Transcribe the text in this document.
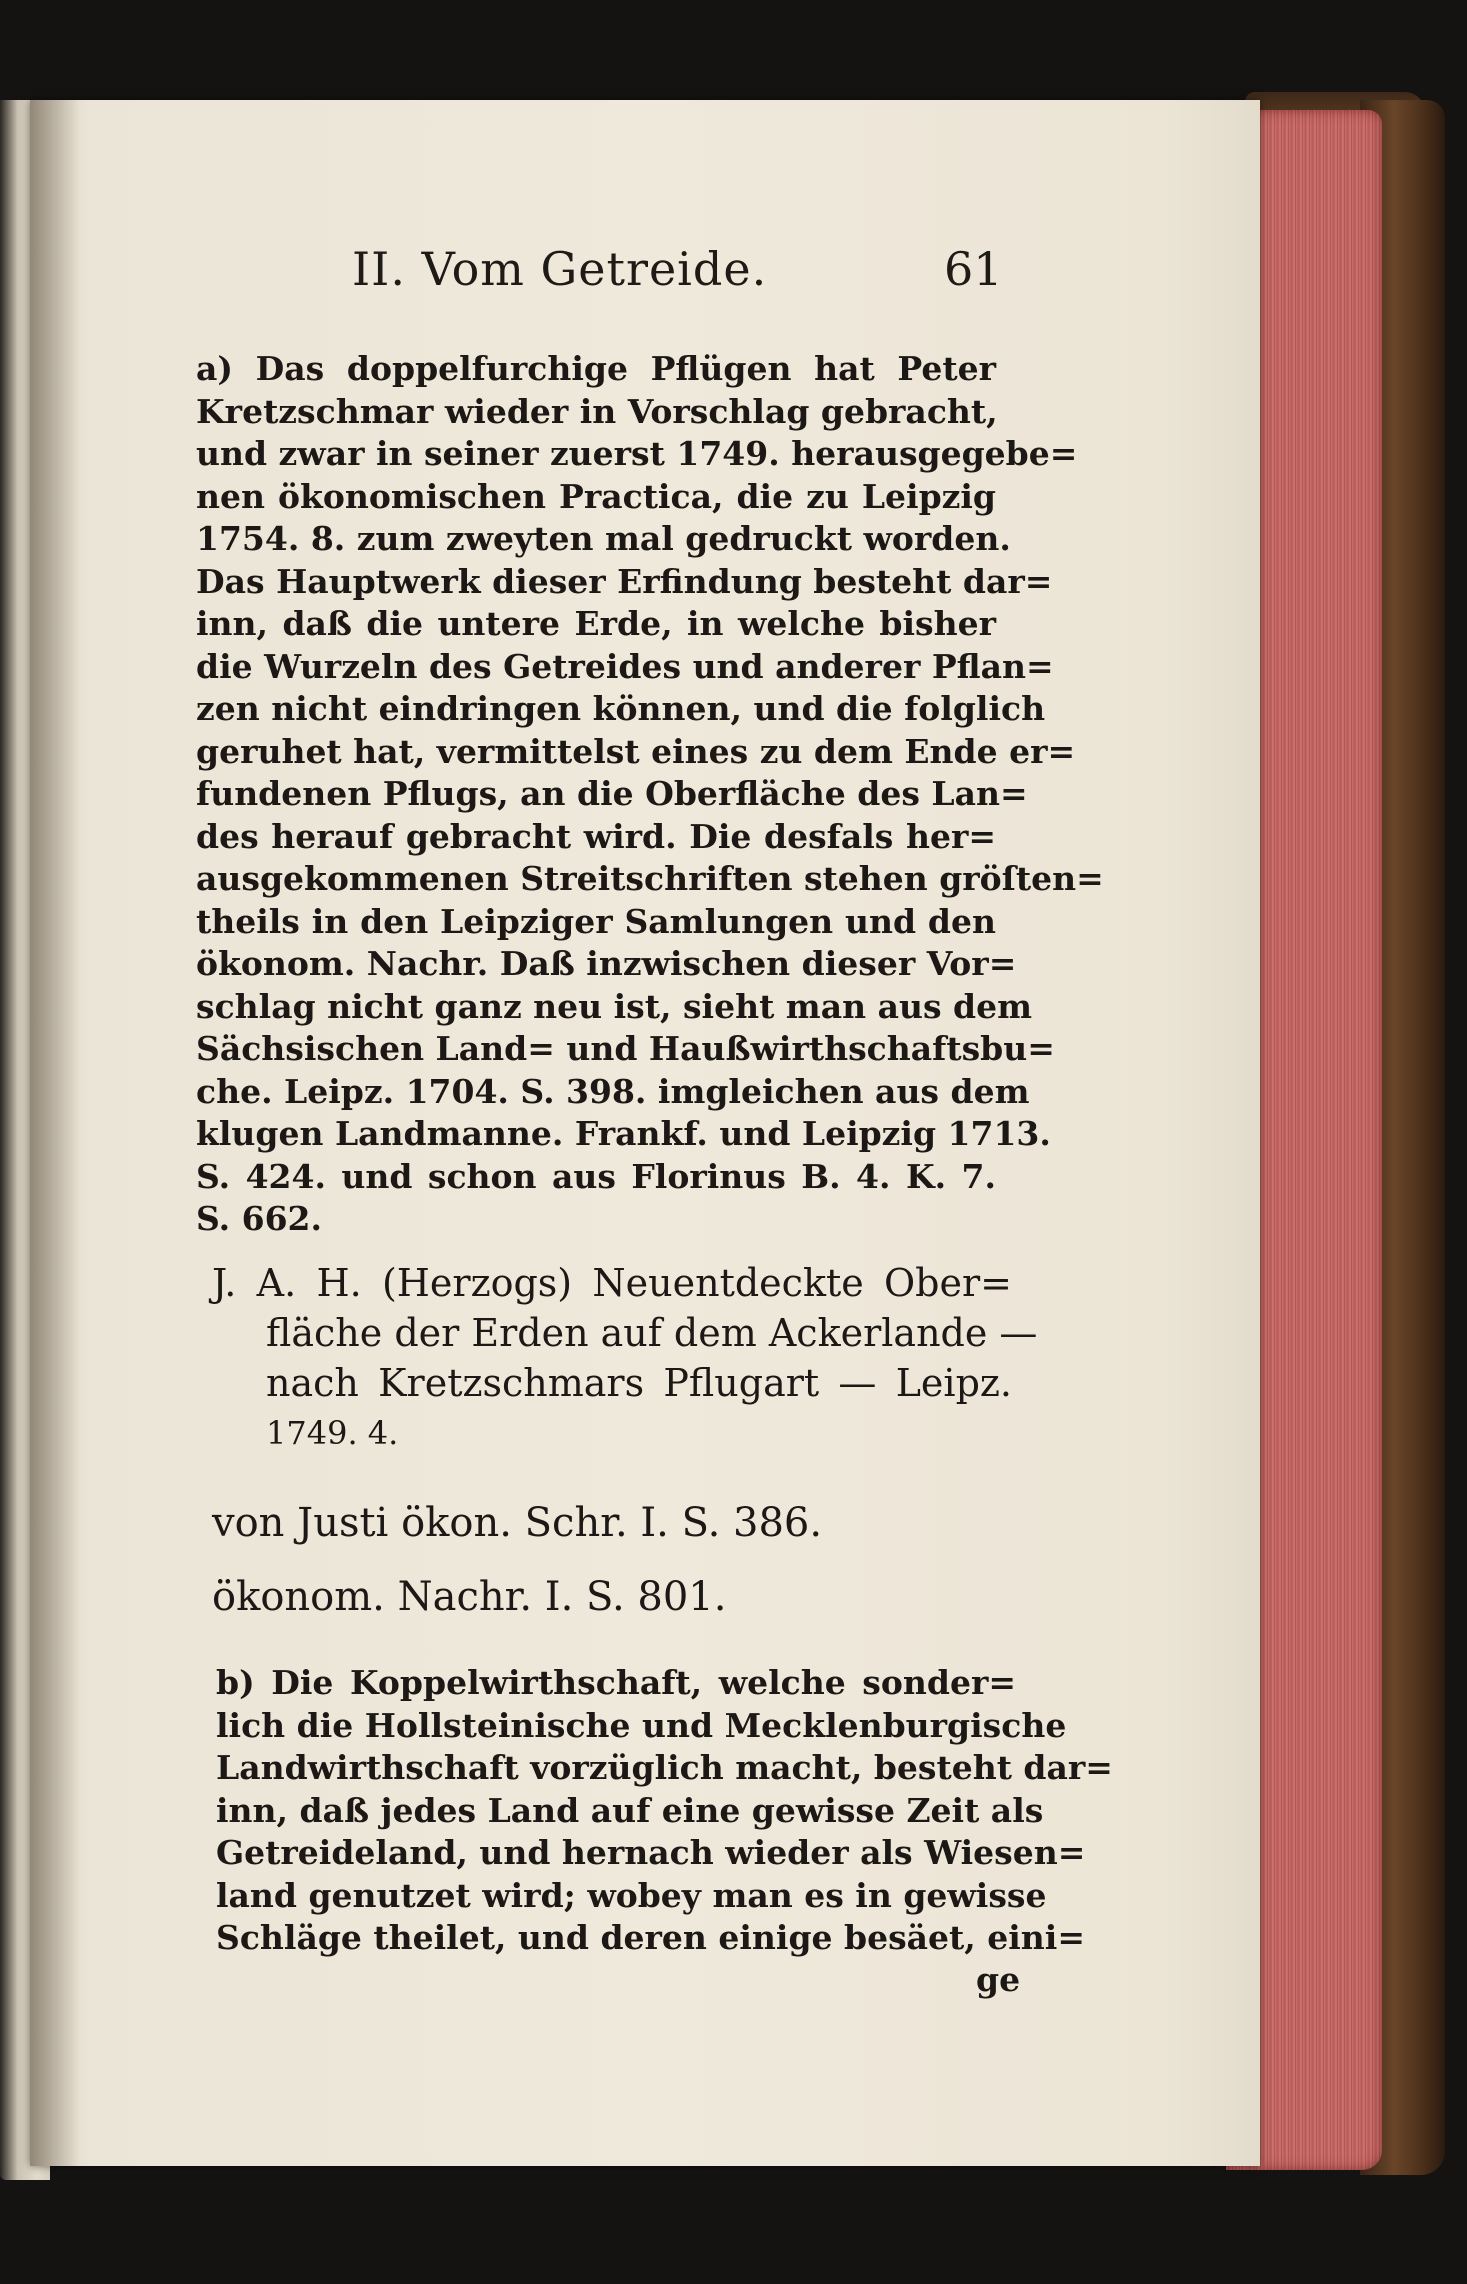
II. Vom Getreide.	61
a) Das doppelfurchige Pflügen hat Peter
Kretzschmar wieder in Vorschlag gebracht,
und zwar in seiner zuerst 1749. herausgegebe=
nen ökonomischen Practica, die zu Leipzig
1754. 8. zum zweyten mal gedruckt worden.
Das Hauptwerk dieser Erfindung besteht dar=
inn, daß die untere Erde, in welche bisher
die Wurzeln des Getreides und anderer Pflan=
zen nicht eindringen können, und die folglich
geruhet hat, vermittelst eines zu dem Ende er=
fundenen Pflugs, an die Oberfläche des Lan=
des herauf gebracht wird. Die desfals her=
ausgekommenen Streitschriften stehen gröſten=
theils in den Leipziger Samlungen und den
ökonom. Nachr. Daß inzwischen dieser Vor=
schlag nicht ganz neu ist, sieht man aus dem
Sächsischen Land= und Haußwirthschaftsbu=
che. Leipz. 1704. S. 398. imgleichen aus dem
klugen Landmanne. Frankf. und Leipzig 1713.
S. 424. und schon aus Florinus B. 4. K. 7.
S. 662.
J. A. H. (Herzogs) Neuentdeckte Ober=
fläche der Erden auf dem Ackerlande —
nach Kretzschmars Pflugart — Leipz.
1749. 4.
von Justi ökon. Schr. I. S. 386.
ökonom. Nachr. I. S. 801.
b) Die Koppelwirthschaft, welche sonder=
lich die Hollsteinische und Mecklenburgische
Landwirthschaft vorzüglich macht, besteht dar=
inn, daß jedes Land auf eine gewisse Zeit als
Getreideland, und hernach wieder als Wiesen=
land genutzet wird; wobey man es in gewisse
Schläge theilet, und deren einige besäet, eini=
ge
